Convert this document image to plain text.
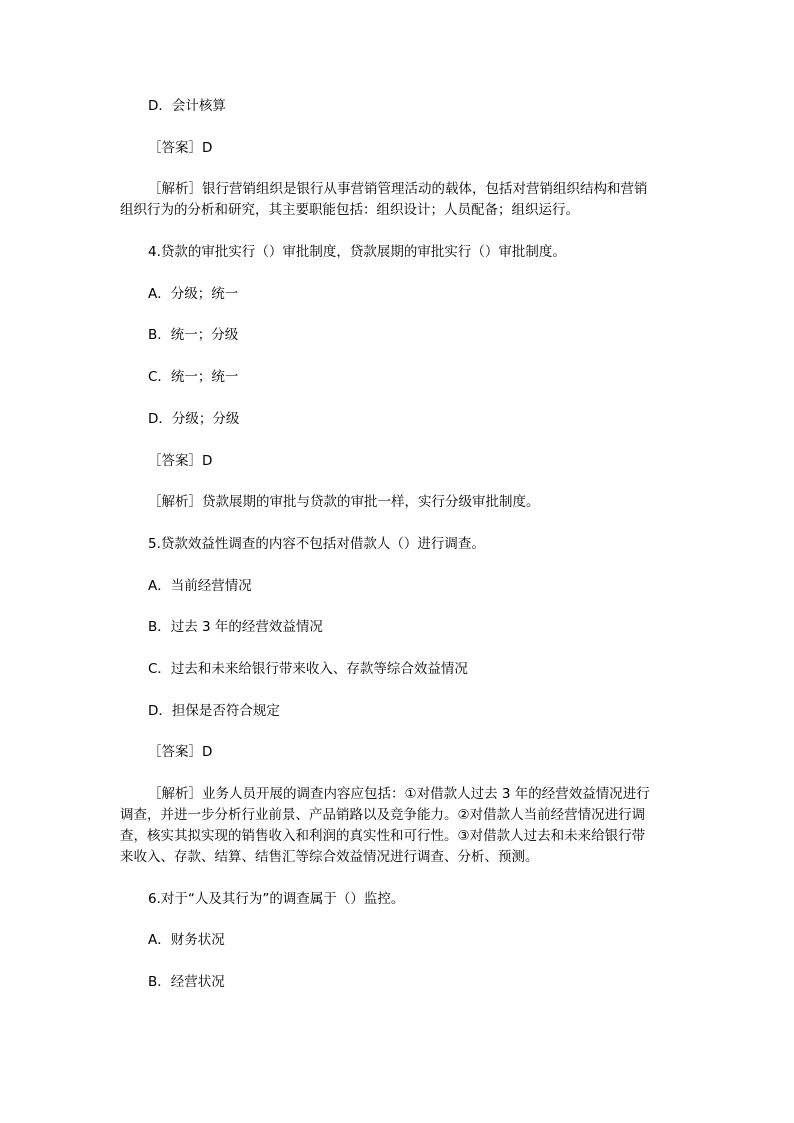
D．会计核算

［答案］D

［解析］银行营销组织是银行从事营销管理活动的载体，包括对营销组织结构和营销
组织行为的分析和研究，其主要职能包括：组织设计；人员配备；组织运行。

4.贷款的审批实行（）审批制度，贷款展期的审批实行（）审批制度。

A．分级；统一

B．统一；分级

C．统一；统一

D．分级；分级

［答案］D

［解析］贷款展期的审批与贷款的审批一样，实行分级审批制度。

5.贷款效益性调查的内容不包括对借款人（）进行调查。

A．当前经营情况

B．过去 3 年的经营效益情况

C．过去和未来给银行带来收入、存款等综合效益情况

D．担保是否符合规定

［答案］D

［解析］业务人员开展的调查内容应包括：①对借款人过去 3 年的经营效益情况进行
调查，并进一步分析行业前景、产品销路以及竞争能力。②对借款人当前经营情况进行调
查，核实其拟实现的销售收入和利润的真实性和可行性。③对借款人过去和未来给银行带
来收入、存款、结算、结售汇等综合效益情况进行调查、分析、预测。

6.对于“人及其行为”的调查属于（）监控。

A．财务状况

B．经营状况
